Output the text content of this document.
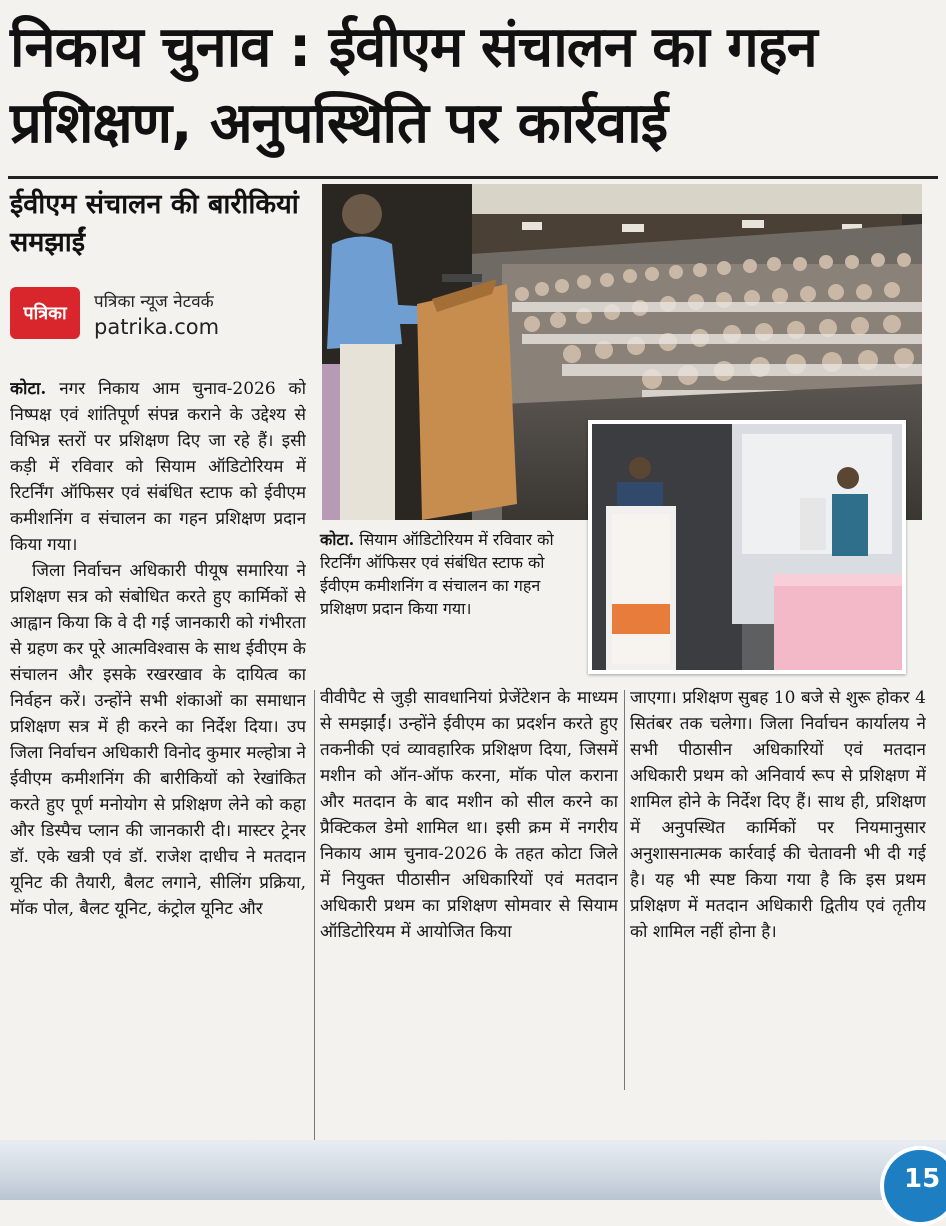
निकाय चुनाव : ईवीएम संचालन का गहन प्रशिक्षण, अनुपस्थिति पर कार्रवाई
ईवीएम संचालन की बारीकियां समझाईं
पत्रिका
पत्रिका न्यूज नेटवर्क
patrika.com

कोटा. सियाम ऑडिटोरियम में रविवार को रिटर्निंग ऑफिसर एवं संबंधित स्टाफ को ईवीएम कमीशनिंग व संचालन का गहन प्रशिक्षण प्रदान किया गया।

कोटा. नगर निकाय आम चुनाव-2026 को निष्पक्ष एवं शांतिपूर्ण संपन्न कराने के उद्देश्य से विभिन्न स्तरों पर प्रशिक्षण दिए जा रहे हैं। इसी कड़ी में रविवार को सियाम ऑडिटोरियम में रिटर्निंग ऑफिसर एवं संबंधित स्टाफ को ईवीएम कमीशनिंग व संचालन का गहन प्रशिक्षण प्रदान किया गया।

जिला निर्वाचन अधिकारी पीयूष समारिया ने प्रशिक्षण सत्र को संबोधित करते हुए कार्मिकों से आह्वान किया कि वे दी गई जानकारी को गंभीरता से ग्रहण कर पूरे आत्मविश्वास के साथ ईवीएम के संचालन और इसके रखरखाव के दायित्व का निर्वहन करें। उन्होंने सभी शंकाओं का समाधान प्रशिक्षण सत्र में ही करने का निर्देश दिया। उप जिला निर्वाचन अधिकारी विनोद कुमार मल्होत्रा ने ईवीएम कमीशनिंग की बारीकियों को रेखांकित करते हुए पूर्ण मनोयोग से प्रशिक्षण लेने को कहा और डिस्पैच प्लान की जानकारी दी। मास्टर ट्रेनर डॉ. एके खत्री एवं डॉ. राजेश दाधीच ने मतदान यूनिट की तैयारी, बैलट लगाने, सीलिंग प्रक्रिया, मॉक पोल, बैलट यूनिट, कंट्रोल यूनिट और

वीवीपैट से जुड़ी सावधानियां प्रेजेंटेशन के माध्यम से समझाईं। उन्होंने ईवीएम का प्रदर्शन करते हुए तकनीकी एवं व्यावहारिक प्रशिक्षण दिया, जिसमें मशीन को ऑन-ऑफ करना, मॉक पोल कराना और मतदान के बाद मशीन को सील करने का प्रैक्टिकल डेमो शामिल था। इसी क्रम में नगरीय निकाय आम चुनाव-2026 के तहत कोटा जिले में नियुक्त पीठासीन अधिकारियों एवं मतदान अधिकारी प्रथम का प्रशिक्षण सोमवार से सियाम ऑडिटोरियम में आयोजित किया

जाएगा। प्रशिक्षण सुबह 10 बजे से शुरू होकर 4 सितंबर तक चलेगा। जिला निर्वाचन कार्यालय ने सभी पीठासीन अधिकारियों एवं मतदान अधिकारी प्रथम को अनिवार्य रूप से प्रशिक्षण में शामिल होने के निर्देश दिए हैं। साथ ही, प्रशिक्षण में अनुपस्थित कार्मिकों पर नियमानुसार अनुशासनात्मक कार्रवाई की चेतावनी भी दी गई है। यह भी स्पष्ट किया गया है कि इस प्रथम प्रशिक्षण में मतदान अधिकारी द्वितीय एवं तृतीय को शामिल नहीं होना है।

15
